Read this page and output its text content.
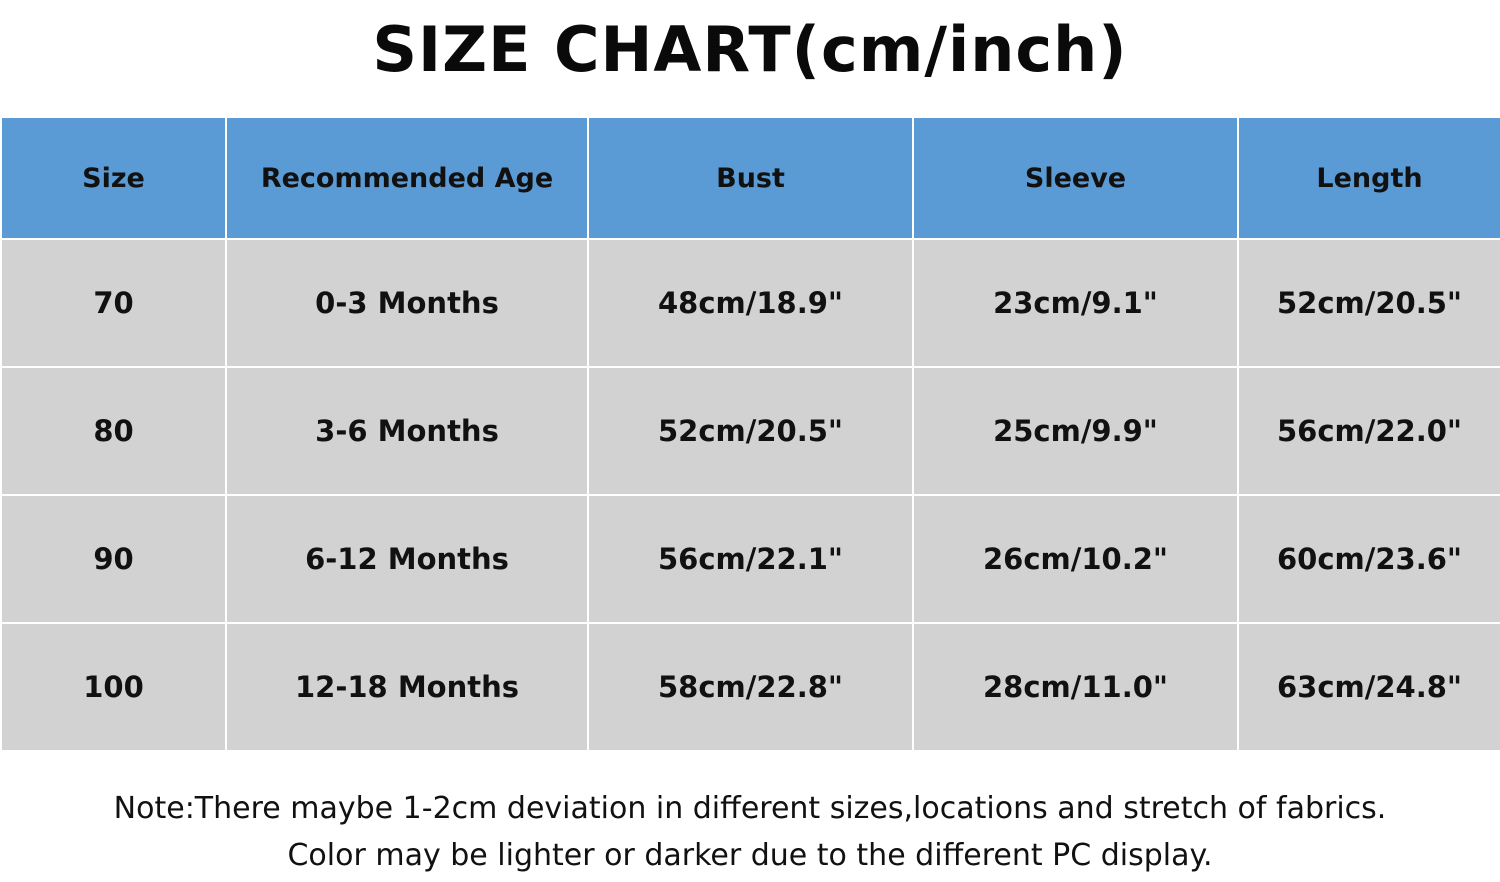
SIZE CHART(cm/inch)
Size	Recommended Age	Bust	Sleeve	Length
70	0-3 Months	48cm/18.9"	23cm/9.1"	52cm/20.5"
80	3-6 Months	52cm/20.5"	25cm/9.9"	56cm/22.0"
90	6-12 Months	56cm/22.1"	26cm/10.2"	60cm/23.6"
100	12-18 Months	58cm/22.8"	28cm/11.0"	63cm/24.8"
Note:There maybe 1-2cm deviation in different sizes,locations and stretch of fabrics.
Color may be lighter or darker due to the different PC display.
